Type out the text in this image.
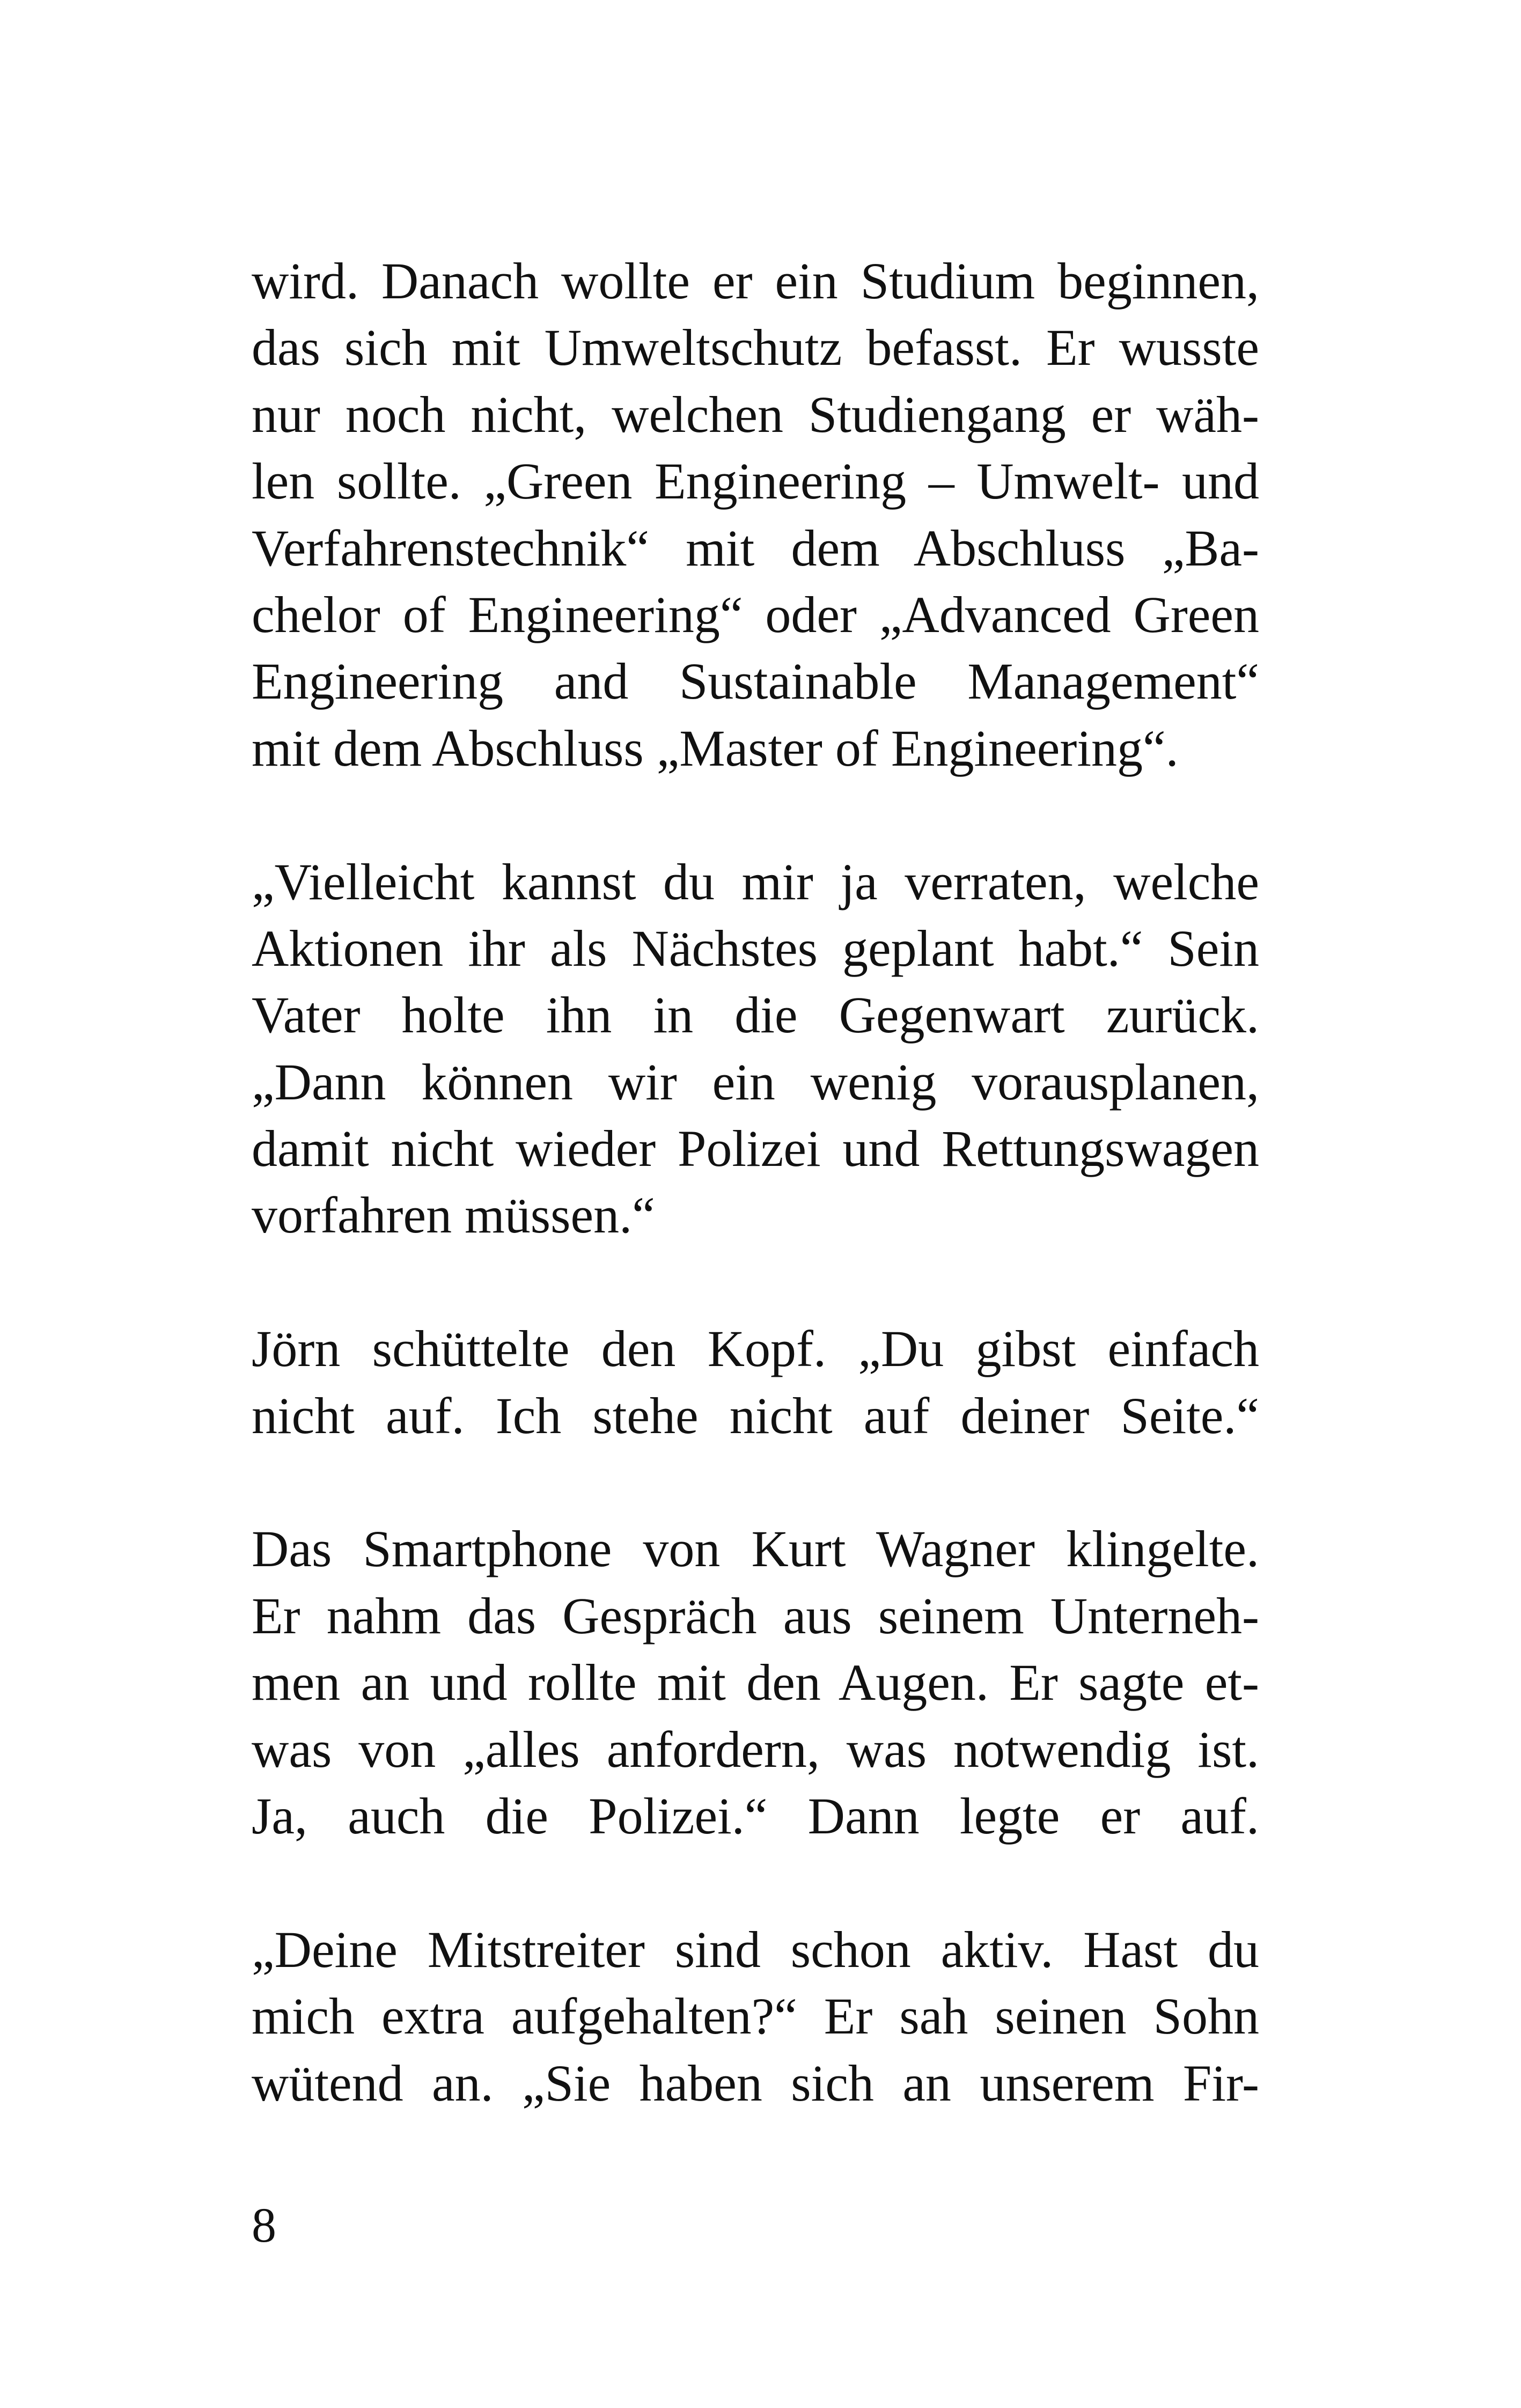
wird. Danach wollte er ein Studium beginnen,
das sich mit Umweltschutz befasst. Er wusste
nur noch nicht, welchen Studiengang er wäh-
len sollte. „Green Engineering – Umwelt- und
Verfahrenstechnik“ mit dem Abschluss „Ba-
chelor of Engineering“ oder „Advanced Green
Engineering and Sustainable Management“
mit dem Abschluss „Master of Engineering“.
„Vielleicht kannst du mir ja verraten, welche
Aktionen ihr als Nächstes geplant habt.“ Sein
Vater holte ihn in die Gegenwart zurück.
„Dann können wir ein wenig vorausplanen,
damit nicht wieder Polizei und Rettungswagen
vorfahren müssen.“
Jörn schüttelte den Kopf. „Du gibst einfach
nicht auf. Ich stehe nicht auf deiner Seite.“
Das Smartphone von Kurt Wagner klingelte.
Er nahm das Gespräch aus seinem Unterneh-
men an und rollte mit den Augen. Er sagte et-
was von „alles anfordern, was notwendig ist.
Ja, auch die Polizei.“ Dann legte er auf.
„Deine Mitstreiter sind schon aktiv. Hast du
mich extra aufgehalten?“ Er sah seinen Sohn
wütend an. „Sie haben sich an unserem Fir-
8
